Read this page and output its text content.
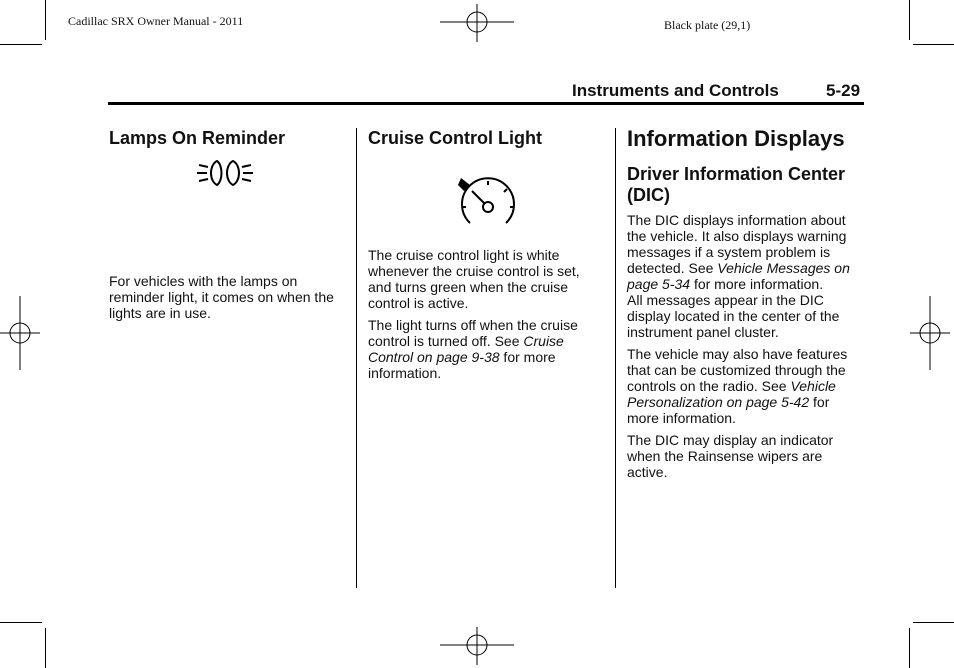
Cadillac SRX Owner Manual - 2011	Black plate (29,1)
Instruments and Controls	5-29
Lamps On Reminder

For vehicles with the lamps on reminder light, it comes on when the lights are in use.

Cruise Control Light

The cruise control light is white whenever the cruise control is set, and turns green when the cruise control is active.

The light turns off when the cruise control is turned off. See Cruise Control on page 9‑38 for more information.

Information Displays
Driver Information Center (DIC)

The DIC displays information about the vehicle. It also displays warning messages if a system problem is detected. See Vehicle Messages on page 5‑34 for more information.

All messages appear in the DIC display located in the center of the instrument panel cluster.

The vehicle may also have features that can be customized through the controls on the radio. See Vehicle Personalization on page 5‑42 for more information.

The DIC may display an indicator when the Rainsense wipers are active.
